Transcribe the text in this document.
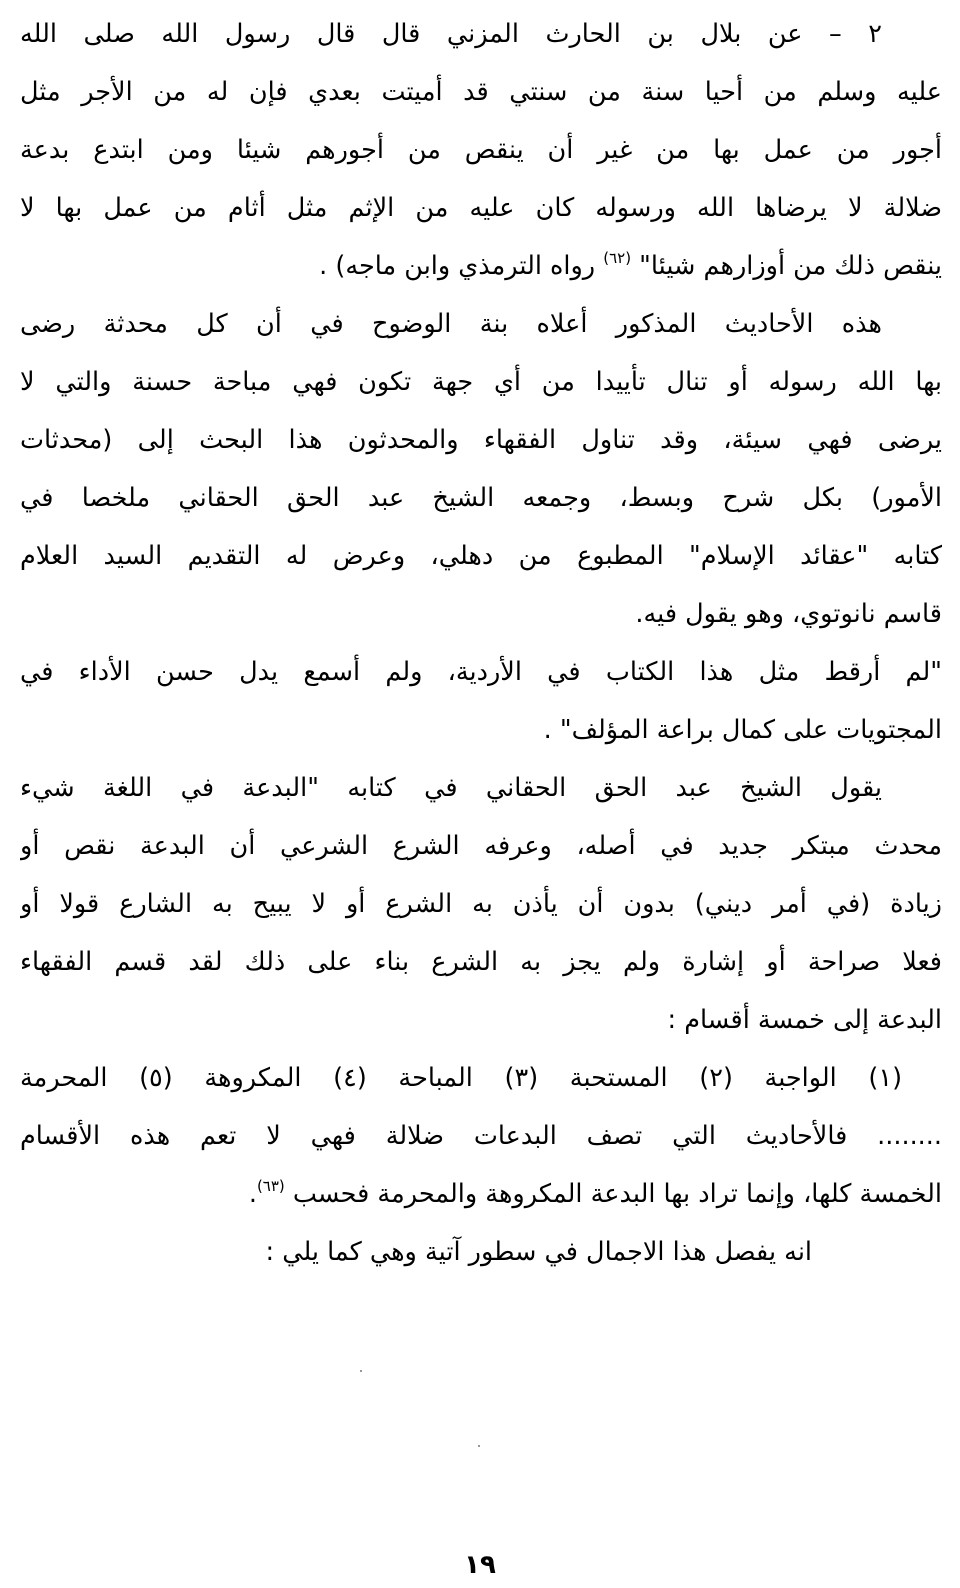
٢ – عن بلال بن الحارث المزني قال قال رسول الله صلى الله
عليه وسلم من أحيا سنة من سنتي قد أميتت بعدي فإن له من الأجر مثل
أجور من عمل بها من غير أن ينقص من أجورهم شيئا ومن ابتدع بدعة
ضلالة لا يرضاها الله ورسوله كان عليه من الإثم مثل أثام من عمل بها لا
ينقص ذلك من أوزارهم شيئا" $^{(٦٢)}$ رواه الترمذي وابن ماجه) .
هذه الأحاديث المذكور أعلاه بنة الوضوح في أن كل محدثة رضى
بها الله رسوله أو تنال تأييدا من أي جهة تكون فهي مباحة حسنة والتي لا
يرضى فهي سيئة، وقد تناول الفقهاء والمحدثون هذا البحث إلى (محدثات
الأمور) بكل شرح وبسط، وجمعه الشيخ عبد الحق الحقاني ملخصا في
كتابه "عقائد الإسلام" المطبوع من دهلي، وعرض له التقديم السيد العلام
قاسم نانوتوي، وهو يقول فيه.
"لم أرقط مثل هذا الكتاب في الأردية، ولم أسمع يدل حسن الأداء في
المجتويات على كمال براعة المؤلف" .
يقول الشيخ عبد الحق الحقاني في كتابه "البدعة في اللغة شيء
محدث مبتكر جديد في أصله، وعرفه الشرع الشرعي أن البدعة نقص أو
زيادة (في أمر ديني) بدون أن يأذن به الشرع أو لا يبيح به الشارع قولا أو
فعلا صراحة أو إشارة ولم يجز به الشرع بناء على ذلك لقد قسم الفقهاء
البدعة إلى خمسة أقسام :
(١) الواجبة (٢) المستحبة (٣) المباحة (٤) المكروهة (٥) المحرمة
........ فالأحاديث التي تصف البدعات ضلالة فهي لا تعم هذه الأقسام
الخمسة كلها، وإنما تراد بها البدعة المكروهة والمحرمة فحسب $^{(٦٣)}$.
انه يفصل هذا الاجمال في سطور آتية وهي كما يلي :
١٩
